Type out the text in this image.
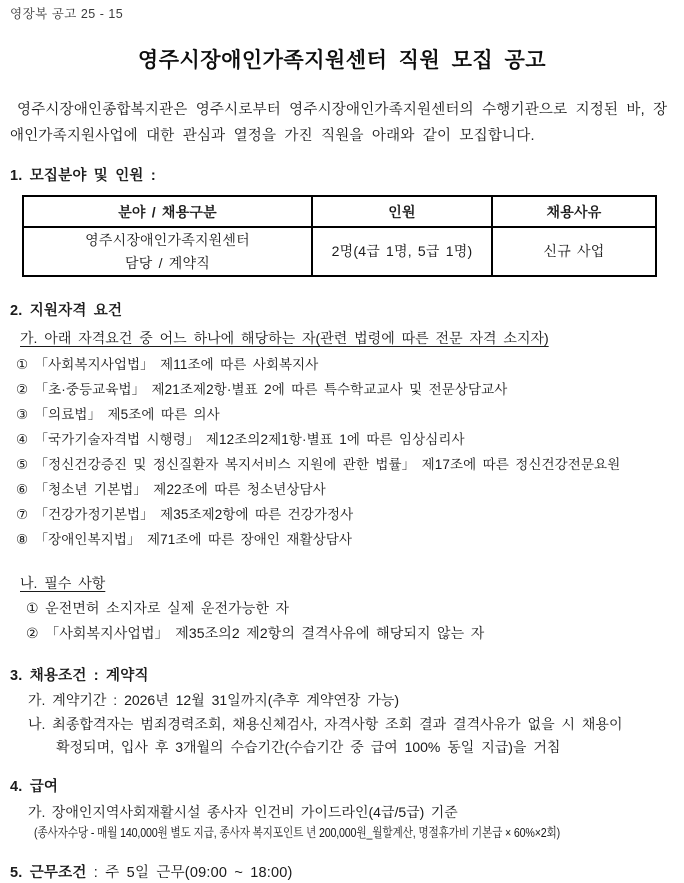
영장복 공고 25 - 15
영주시장애인가족지원센터 직원 모집 공고

영주시장애인종합복지관은 영주시로부터 영주시장애인가족지원센터의 수행기관으로 지정된 바, 장애인가족지원사업에 대한 관심과 열정을 가진 직원을 아래와 같이 모집합니다.

1. 모집분야 및 인원 :
분야 / 채용구분	인원	채용사유

영주시장애인가족지원센터
담당 / 계약직	2명(4급 1명, 5급 1명)	신규 사업
2. 지원자격 요건
가. 아래 자격요건 중 어느 하나에 해당하는 자(관련 법령에 따른 전문 자격 소지자)
① 「사회복지사업법」 제11조에 따른 사회복지사
② 「초·중등교육법」 제21조제2항·별표 2에 따른 특수학교교사 및 전문상담교사
③ 「의료법」 제5조에 따른 의사
④ 「국가기술자격법 시행령」 제12조의2제1항·별표 1에 따른 임상심리사
⑤ 「정신건강증진 및 정신질환자 복지서비스 지원에 관한 법률」 제17조에 따른 정신건강전문요원
⑥ 「청소년 기본법」 제22조에 따른 청소년상담사
⑦ 「건강가정기본법」 제35조제2항에 따른 건강가정사
⑧ 「장애인복지법」 제71조에 따른 장애인 재활상담사
나. 필수 사항
① 운전면허 소지자로 실제 운전가능한 자
② 「사회복지사업법」 제35조의2 제2항의 결격사유에 해당되지 않는 자
3. 채용조건 : 계약직
가. 계약기간 : 2026년 12월 31일까지(추후 계약연장 가능)
나. 최종합격자는 범죄경력조회, 채용신체검사, 자격사항 조회 결과 결격사유가 없을 시 채용이
확정되며, 입사 후 3개월의 수습기간(수습기간 중 급여 100% 동일 지급)을 거침
4. 급여
가. 장애인지역사회재활시설 종사자 인건비 가이드라인(4급/5급) 기준
(종사자수당 - 매월 140,000원 별도 지급, 종사자 복지포인트 년 200,000원_월할계산, 명절휴가비 기본급 × 60%×2회)
5. 근무조건 : 주 5일 근무(09:00 ~ 18:00)
